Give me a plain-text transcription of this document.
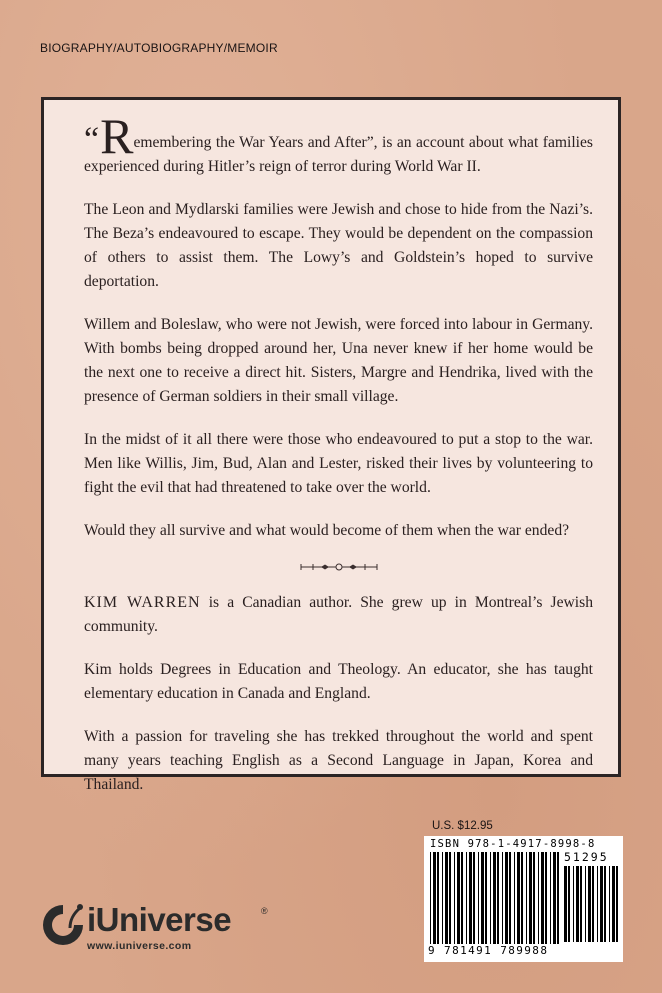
BIOGRAPHY/AUTOBIOGRAPHY/MEMOIR

“Remembering the War Years and After”, is an account about what families experienced during Hitler’s reign of terror during World War II.

The Leon and Mydlarski families were Jewish and chose to hide from the Nazi’s. The Beza’s endeavoured to escape. They would be dependent on the compassion of others to assist them. The Lowy’s and Goldstein’s hoped to survive deportation.

Willem and Boleslaw, who were not Jewish, were forced into labour in Germany. With bombs being dropped around her, Una never knew if her home would be the next one to receive a direct hit. Sisters, Margre and Hendrika, lived with the presence of German soldiers in their small village.

In the midst of it all there were those who endeavoured to put a stop to the war. Men like Willis, Jim, Bud, Alan and Lester, risked their lives by volunteering to fight the evil that had threatened to take over the world.

Would they all survive and what would become of them when the war ended?

KIM WARREN is a Canadian author. She grew up in Montreal’s Jewish community.

Kim holds Degrees in Education and Theology. An educator, she has taught elementary education in Canada and England.

With a passion for traveling she has trekked throughout the world and spent many years teaching English as a Second Language in Japan, Korea and Thailand.

U.S. $12.95
ISBN 978-1-4917-8998-8
51295
9 781491 789988
iUniverse	®
www.iuniverse.com
